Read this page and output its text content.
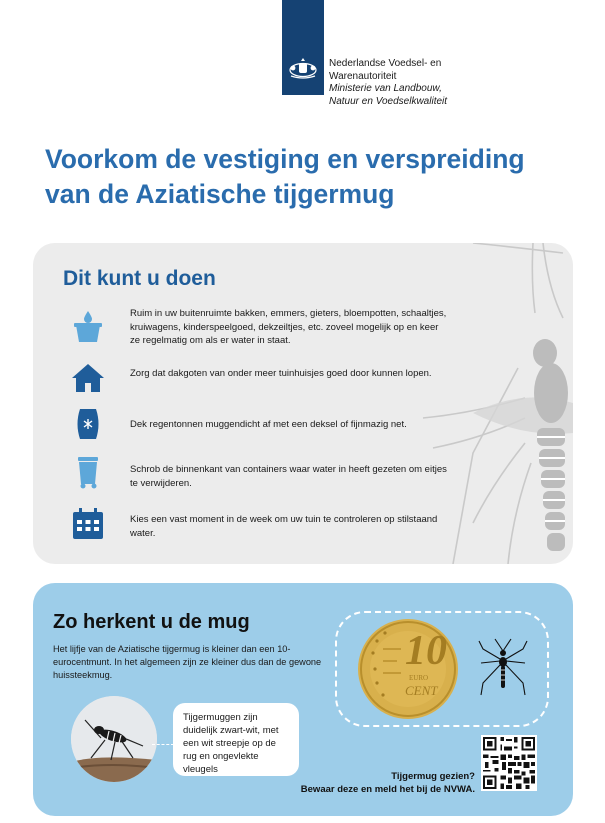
Nederlandse Voedsel- en
Warenautoriteit
Ministerie van Landbouw,
Natuur en Voedselkwaliteit
Voorkom de vestiging en verspreiding
van de Aziatische tijgermug
Dit kunt u doen
Ruim in uw buitenruimte bakken, emmers, gieters, bloempotten, schaaltjes, kruiwagens, kinderspeelgoed, dekzeiltjes, etc. zoveel mogelijk op en keer ze regelmatig om als er water in staat.
Zorg dat dakgoten van onder meer tuinhuisjes goed door kunnen lopen.
Dek regentonnen muggendicht af met een deksel of fijnmazig net.
Schrob de binnenkant van containers waar water in heeft gezeten om eitjes te verwijderen.
Kies een vast moment in de week om uw tuin te controleren op stilstaand water.
Zo herkent u de mug
Het lijfje van de Aziatische tijgermug is kleiner dan een 10-eurocentmunt. In het algemeen zijn ze kleiner dus dan de gewone huissteekmug.
10
EURO
CENT
Tijgermuggen zijn duidelijk zwart-wit, met een wit streepje op de rug en ongevlekte vleugels
Tijgermug gezien?
Bewaar deze en meld het bij de NVWA.
